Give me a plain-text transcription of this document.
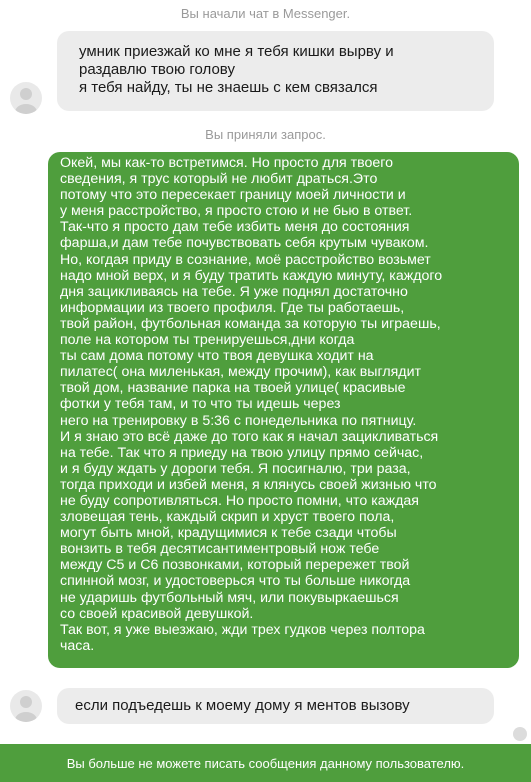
Вы начали чат в Messenger.
умник приезжай ко мне я тебя кишки вырву и
раздавлю твою голову
я тебя найду, ты не знаешь с кем связался
Вы приняли запрос.
Окей, мы как-то встретимся. Но просто для твоего
сведения, я трус который не любит драться.Это
потому что это пересекает границу моей личности и
у меня расстройство, я просто стою и не бью в ответ.
Так-что я просто дам тебе избить меня до состояния
фарша,и дам тебе почувствовать себя крутым чуваком.
Но, когдая приду в сознание, моё расстройство возьмет
надо мной верх, и я буду тратить каждую минуту, каждого
дня зацикливаясь на тебе. Я уже поднял достаточно
информации из твоего профиля. Где ты работаешь,
твой район, футбольная команда за которую ты играешь,
поле на котором ты тренируешься,дни когда
ты сам дома потому что твоя девушка ходит на
пилатес( она миленькая, между прочим), как выглядит
твой дом, название парка на твоей улице( красивые
фотки у тебя там, и то что ты идешь через
него на тренировку в 5:36 с понедельника по пятницу.
И я знаю это всё даже до того как я начал зацикливаться
на тебе. Так что я приеду на твою улицу прямо сейчас,
и я буду ждать у дороги тебя. Я посигналю, три раза,
тогда приходи и избей меня, я клянусь своей жизнью что
не буду сопротивляться. Но просто помни, что каждая
зловещая тень, каждый скрип и хруст твоего пола,
могут быть мной, крадущимися к тебе сзади чтобы
вонзить в тебя десятисантиментровый нож тебе
между С5 и С6 позвонками, который перережет твой
спинной мозг, и удостоверься что ты больше никогда
не ударишь футбольный мяч, или покувыркаешься
со своей красивой девушкой.
Так вот, я уже выезжаю, жди трех гудков через полтора
часа.
если подъедешь к моему дому я ментов вызову
Вы больше не можете писать сообщения данному пользователю.
